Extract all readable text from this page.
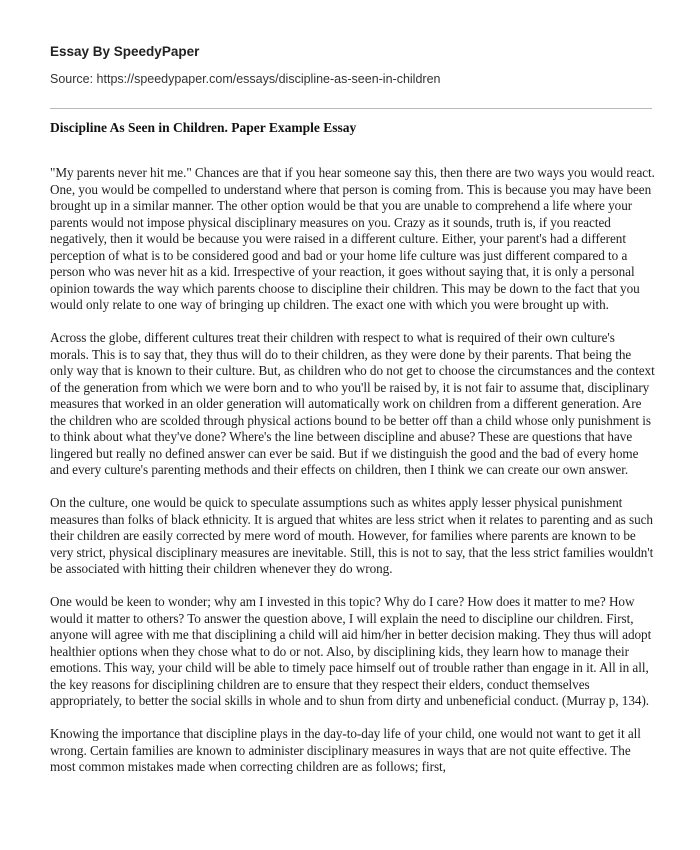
Essay By SpeedyPaper
Source: https://speedypaper.com/essays/discipline-as-seen-in-children
Discipline As Seen in Children. Paper Example Essay

"My parents never hit me." Chances are that if you hear someone say this, then there are two ways you would react. One, you would be compelled to understand where that person is coming from. This is because you may have been brought up in a similar manner. The other option would be that you are unable to comprehend a life where your parents would not impose physical disciplinary measures on you. Crazy as it sounds, truth is, if you reacted negatively, then it would be because you were raised in a different culture. Either, your parent's had a different perception of what is to be considered good and bad or your home life culture was just different compared to a person who was never hit as a kid. Irrespective of your reaction, it goes without saying that, it is only a personal opinion towards the way which parents choose to discipline their children. This may be down to the fact that you would only relate to one way of bringing up children. The exact one with which you were brought up with.

Across the globe, different cultures treat their children with respect to what is required of their own culture's morals. This is to say that, they thus will do to their children, as they were done by their parents. That being the only way that is known to their culture. But, as children who do not get to choose the circumstances and the context of the generation from which we were born and to who you'll be raised by, it is not fair to assume that, disciplinary measures that worked in an older generation will automatically work on children from a different generation. Are the children who are scolded through physical actions bound to be better off than a child whose only punishment is to think about what they've done? Where's the line between discipline and abuse? These are questions that have lingered but really no defined answer can ever be said. But if we distinguish the good and the bad of every home and every culture's parenting methods and their effects on children, then I think we can create our own answer.

On the culture, one would be quick to speculate assumptions such as whites apply lesser physical punishment measures than folks of black ethnicity. It is argued that whites are less strict when it relates to parenting and as such their children are easily corrected by mere word of mouth. However, for families where parents are known to be very strict, physical disciplinary measures are inevitable. Still, this is not to say, that the less strict families wouldn't be associated with hitting their children whenever they do wrong.

One would be keen to wonder; why am I invested in this topic? Why do I care? How does it matter to me? How would it matter to others? To answer the question above, I will explain the need to discipline our children. First, anyone will agree with me that disciplining a child will aid him/her in better decision making. They thus will adopt healthier options when they chose what to do or not. Also, by disciplining kids, they learn how to manage their emotions. This way, your child will be able to timely pace himself out of trouble rather than engage in it. All in all, the key reasons for disciplining children are to ensure that they respect their elders, conduct themselves appropriately, to better the social skills in whole and to shun from dirty and unbeneficial conduct. (Murray p, 134).

Knowing the importance that discipline plays in the day-to-day life of your child, one would not want to get it all wrong. Certain families are known to administer disciplinary measures in ways that are not quite effective. The most common mistakes made when correcting children are as follows; first,
